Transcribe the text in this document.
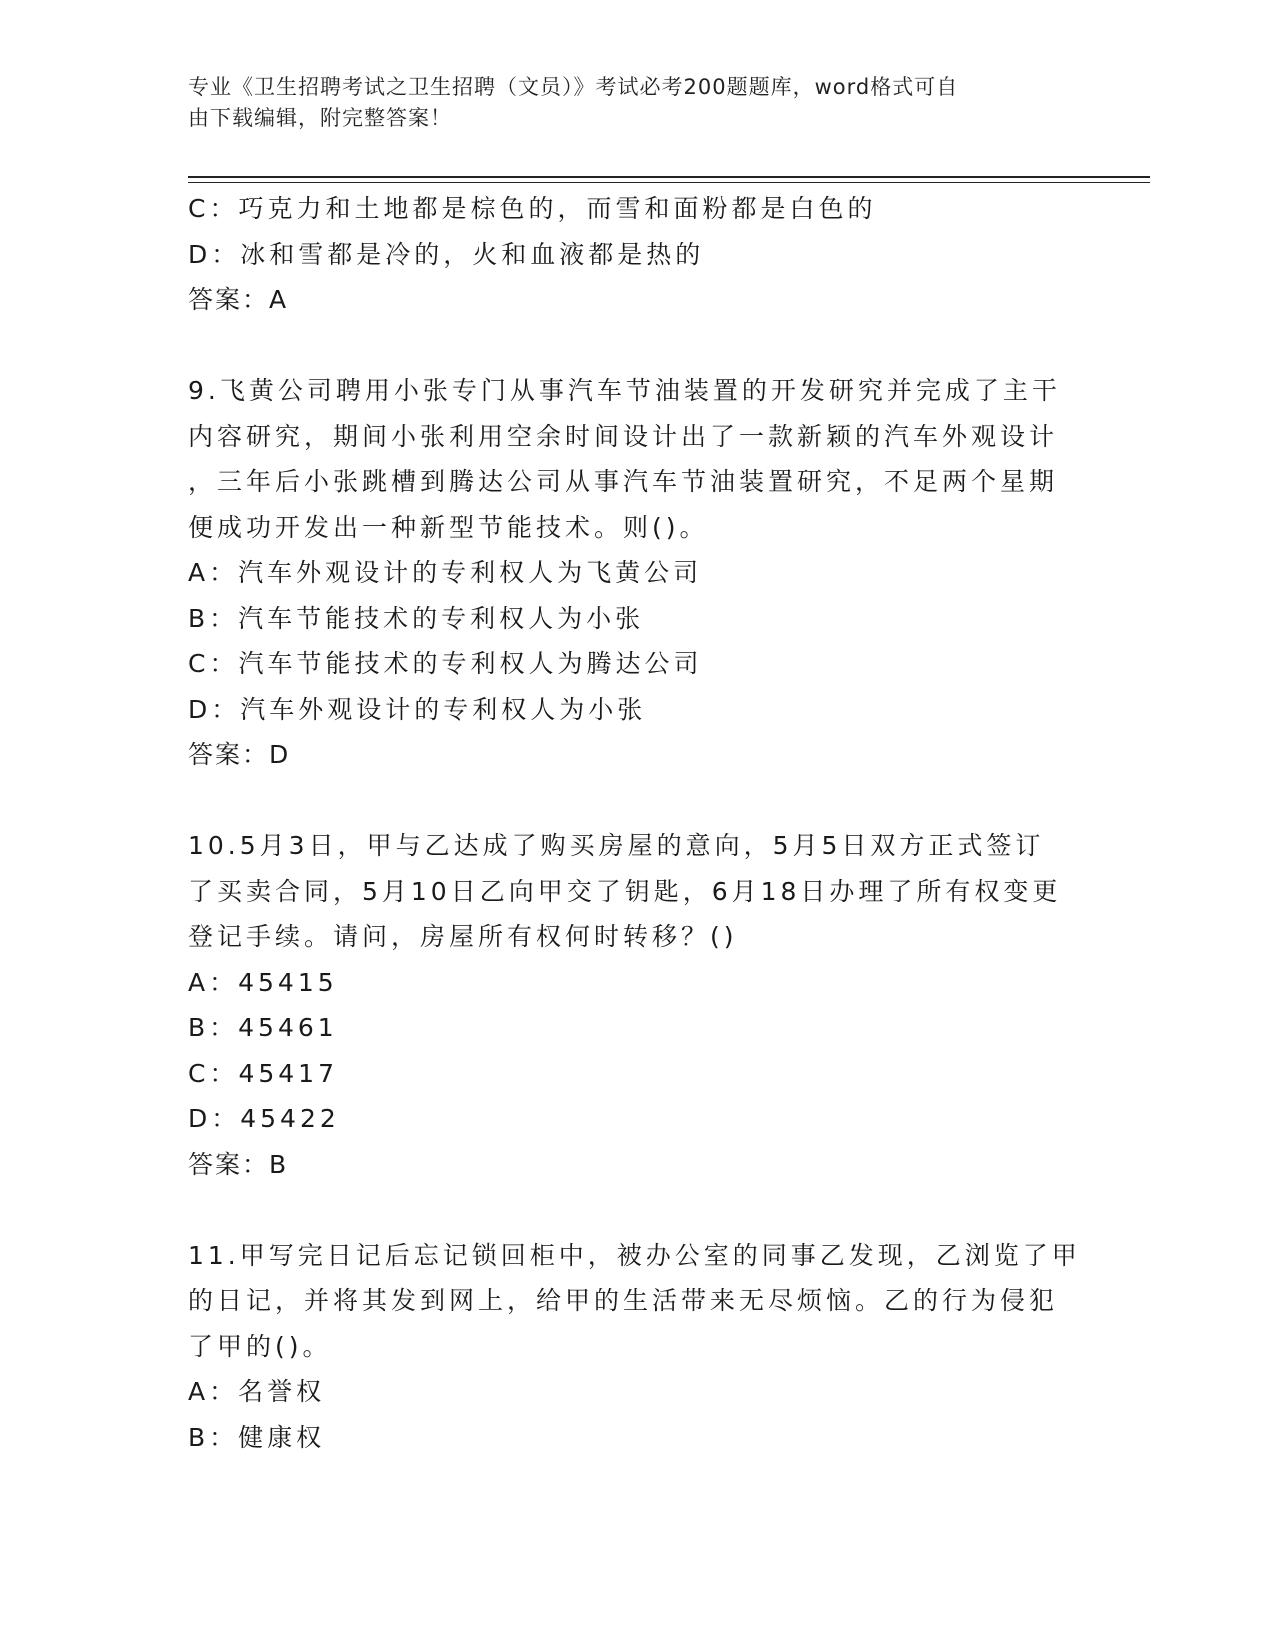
专业《卫生招聘考试之卫生招聘（文员）》考试必考200题题库，word格式可自
由下载编辑，附完整答案！
C：巧克力和土地都是棕色的，而雪和面粉都是白色的
D：冰和雪都是冷的，火和血液都是热的
答案：A
9.飞黄公司聘用小张专门从事汽车节油装置的开发研究并完成了主干
内容研究，期间小张利用空余时间设计出了一款新颖的汽车外观设计
，三年后小张跳槽到腾达公司从事汽车节油装置研究，不足两个星期
便成功开发出一种新型节能技术。则()。
A：汽车外观设计的专利权人为飞黄公司
B：汽车节能技术的专利权人为小张
C：汽车节能技术的专利权人为腾达公司
D：汽车外观设计的专利权人为小张
答案：D
10.5月3日，甲与乙达成了购买房屋的意向，5月5日双方正式签订
了买卖合同，5月10日乙向甲交了钥匙，6月18日办理了所有权变更
登记手续。请问，房屋所有权何时转移？()
A：45415
B：45461
C：45417
D：45422
答案：B
11.甲写完日记后忘记锁回柜中，被办公室的同事乙发现，乙浏览了甲
的日记，并将其发到网上，给甲的生活带来无尽烦恼。乙的行为侵犯
了甲的()。
A：名誉权
B：健康权
